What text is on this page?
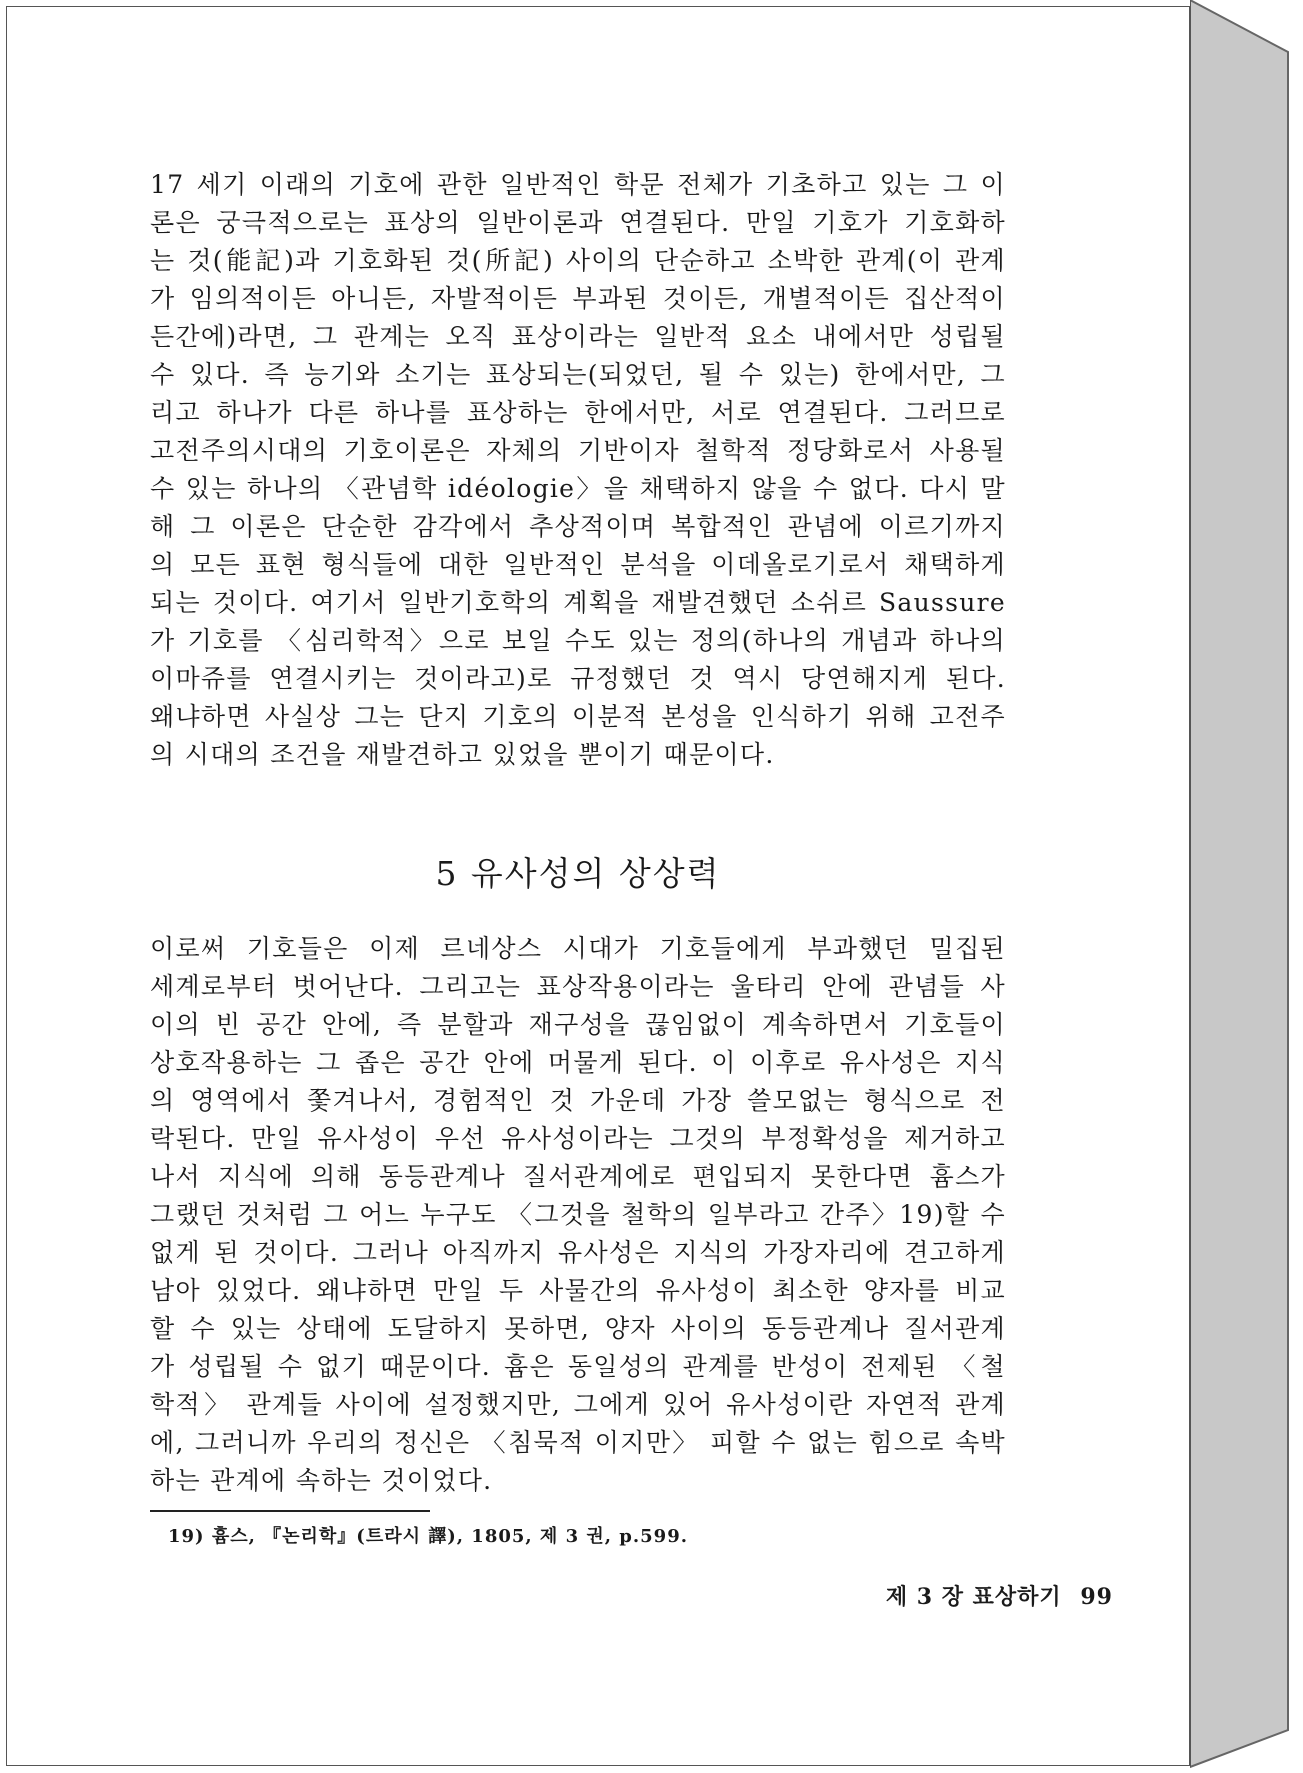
17 세기 이래의 기호에 관한 일반적인 학문 전체가 기초하고 있는 그 이
론은 궁극적으로는 표상의 일반이론과 연결된다. 만일 기호가 기호화하
는 것(能記)과 기호화된 것(所記) 사이의 단순하고 소박한 관계(이 관계
가 임의적이든 아니든, 자발적이든 부과된 것이든, 개별적이든 집산적이
든간에)라면, 그 관계는 오직 표상이라는 일반적 요소 내에서만 성립될
수 있다. 즉 능기와 소기는 표상되는(되었던, 될 수 있는) 한에서만, 그
리고 하나가 다른 하나를 표상하는 한에서만, 서로 연결된다. 그러므로
고전주의시대의 기호이론은 자체의 기반이자 철학적 정당화로서 사용될
수 있는 하나의 〈관념학 idéologie〉을 채택하지 않을 수 없다. 다시 말
해 그 이론은 단순한 감각에서 추상적이며 복합적인 관념에 이르기까지
의 모든 표현 형식들에 대한 일반적인 분석을 이데올로기로서 채택하게
되는 것이다. 여기서 일반기호학의 계획을 재발견했던 소쉬르 Saussure
가 기호를 〈심리학적〉으로 보일 수도 있는 정의(하나의 개념과 하나의
이마쥬를 연결시키는 것이라고)로 규정했던 것 역시 당연해지게 된다.
왜냐하면 사실상 그는 단지 기호의 이분적 본성을 인식하기 위해 고전주
의 시대의 조건을 재발견하고 있었을 뿐이기 때문이다.

5 유사성의 상상력

이로써 기호들은 이제 르네상스 시대가 기호들에게 부과했던 밀집된
세계로부터 벗어난다. 그리고는 표상작용이라는 울타리 안에 관념들 사
이의 빈 공간 안에, 즉 분할과 재구성을 끊임없이 계속하면서 기호들이
상호작용하는 그 좁은 공간 안에 머물게 된다. 이 이후로 유사성은 지식
의 영역에서 쫓겨나서, 경험적인 것 가운데 가장 쓸모없는 형식으로 전
락된다. 만일 유사성이 우선 유사성이라는 그것의 부정확성을 제거하고
나서 지식에 의해 동등관계나 질서관계에로 편입되지 못한다면 흄스가
그랬던 것처럼 그 어느 누구도 〈그것을 철학의 일부라고 간주〉19)할 수
없게 된 것이다. 그러나 아직까지 유사성은 지식의 가장자리에 견고하게
남아 있었다. 왜냐하면 만일 두 사물간의 유사성이 최소한 양자를 비교
할 수 있는 상태에 도달하지 못하면, 양자 사이의 동등관계나 질서관계
가 성립될 수 없기 때문이다. 흄은 동일성의 관계를 반성이 전제된 〈철
학적〉 관계들 사이에 설정했지만, 그에게 있어 유사성이란 자연적 관계
에, 그러니까 우리의 정신은 〈침묵적 이지만〉 피할 수 없는 힘으로 속박
하는 관계에 속하는 것이었다.

19) 흄스, 『논리학』(트라시 譯), 1805, 제 3 권, p.599.
제 3 장 표상하기 99
